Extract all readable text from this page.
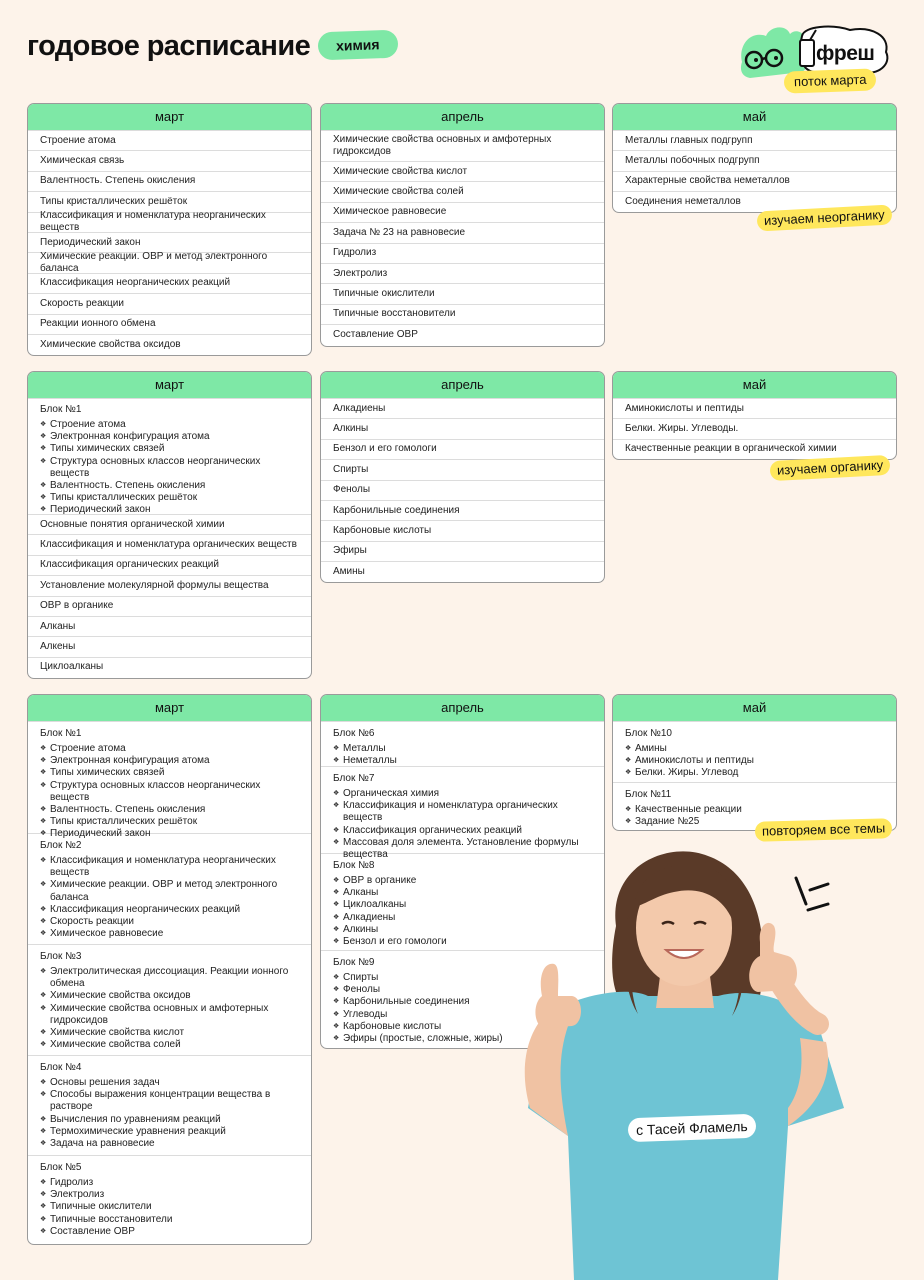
годовое расписание	химия	фреш
поток марта
март
Строение атома
Химическая связь
Валентность. Степень окисления
Типы кристаллических решёток
Классификация и номенклатура неорганических веществ
Периодический закон
Химические реакции. ОВР и метод электронного баланса
Классификация неорганических реакций
Скорость реакции
Реакции ионного обмена
Химические свойства оксидов
апрель
Химические свойства основных и амфотерных гидроксидов
Химические свойства кислот
Химические свойства солей
Химическое равновесие
Задача № 23 на равновесие
Гидролиз
Электролиз
Типичные окислители
Типичные восстановители
Составление ОВР
май
Металлы главных подгрупп
Металлы побочных подгрупп
Характерные свойства неметаллов
Соединения неметаллов
изучаем неорганику
март
Блок №1
❖ Строение атома
❖ Электронная конфигурация атома
❖ Типы химических связей
❖ Структура основных классов неорганических веществ
❖ Валентность. Степень окисления
❖ Типы кристаллических решёток
❖ Периодический закон
Основные понятия органической химии
Классификация и номенклатура органических веществ
Классификация органических реакций
Установление молекулярной формулы вещества
ОВР в органике
Алканы
Алкены
Циклоалканы
апрель
Алкадиены
Алкины
Бензол и его гомологи
Спирты
Фенолы
Карбонильные соединения
Карбоновые кислоты
Эфиры
Амины
май
Аминокислоты и пептиды
Белки. Жиры. Углеводы.
Качественные реакции в органической химии
изучаем органику
март
Блок №1
❖ Строение атома
❖ Электронная конфигурация атома
❖ Типы химических связей
❖ Структура основных классов неорганических веществ
❖ Валентность. Степень окисления
❖ Типы кристаллических решёток
❖ Периодический закон
Блок №2
❖ Классификация и номенклатура неорганических веществ
❖ Химические реакции. ОВР и метод электронного баланса
❖ Классификация неорганических реакций
❖ Скорость реакции
❖ Химическое равновесие
Блок №3
❖ Электролитическая диссоциация. Реакции ионного обмена
❖ Химические свойства оксидов
❖ Химические свойства основных и амфотерных гидроксидов
❖ Химические свойства кислот
❖ Химические свойства солей
Блок №4
❖ Основы решения задач
❖ Способы выражения концентрации вещества в растворе
❖ Вычисления по уравнениям реакций
❖ Термохимические уравнения реакций
❖ Задача на равновесие
Блок №5
❖ Гидролиз
❖ Электролиз
❖ Типичные окислители
❖ Типичные восстановители
❖ Составление ОВР
апрель
Блок №6
❖ Металлы
❖ Неметаллы
Блок №7
❖ Органическая химия
❖ Классификация и номенклатура органических веществ
❖ Классификация органических реакций
❖ Массовая доля элемента. Установление формулы вещества
Блок №8
❖ ОВР в органике
❖ Алканы
❖ Циклоалканы
❖ Алкадиены
❖ Алкины
❖ Бензол и его гомологи
Блок №9
❖ Спирты
❖ Фенолы
❖ Карбонильные соединения
❖ Углеводы
❖ Карбоновые кислоты
❖ Эфиры (простые, сложные, жиры)
май
Блок №10
❖ Амины
❖ Аминокислоты и пептиды
❖ Белки. Жиры. Углевод
Блок №11
❖ Качественные реакции
❖ Задание №25	повторяем все темы
с Тасей Фламель
